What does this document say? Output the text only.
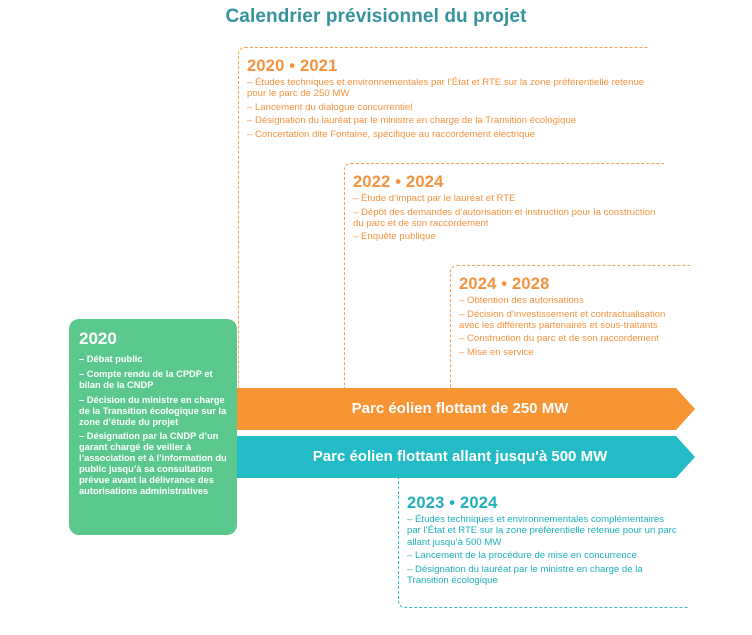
Calendrier prévisionnel du projet
Parc éolien flottant de 250 MW
Parc éolien flottant allant jusqu'à 500 MW
2020
– Débat public
– Compte rendu de la CPDP et bilan de la CNDP
– Décision du ministre en charge de la Transition écologique sur la zone d’étude du projet
– Désignation par la CNDP d’un garant chargé de veiller à l’association et à l’information du public jusqu’à sa consultation prévue avant la délivrance des autorisations administratives
2020 • 2021
– Études techniques et environnementales par l’État et RTE sur la zone préférentielle retenue pour le parc de 250 MW
– Lancement du dialogue concurrentiel
– Désignation du lauréat par le ministre en charge de la Transition écologique
– Concertation dite Fontaine, spécifique au raccordement électrique
2022 • 2024
– Étude d’impact par le lauréat et RTE
– Dépôt des demandes d’autorisation et instruction pour la construction du parc et de son raccordement
– Enquête publique
2024 • 2028
– Obtention des autorisations
– Décision d’investissement et contractualisation avec les différents partenaires et sous-traitants
– Construction du parc et de son raccordement
– Mise en service
2023 • 2024
– Études techniques et environnementales complémentaires par l’État et RTE sur la zone préférentielle retenue pour un parc allant jusqu’à 500 MW
– Lancement de la procédure de mise en concurrence
– Désignation du lauréat par le ministre en charge de la Transition écologique
